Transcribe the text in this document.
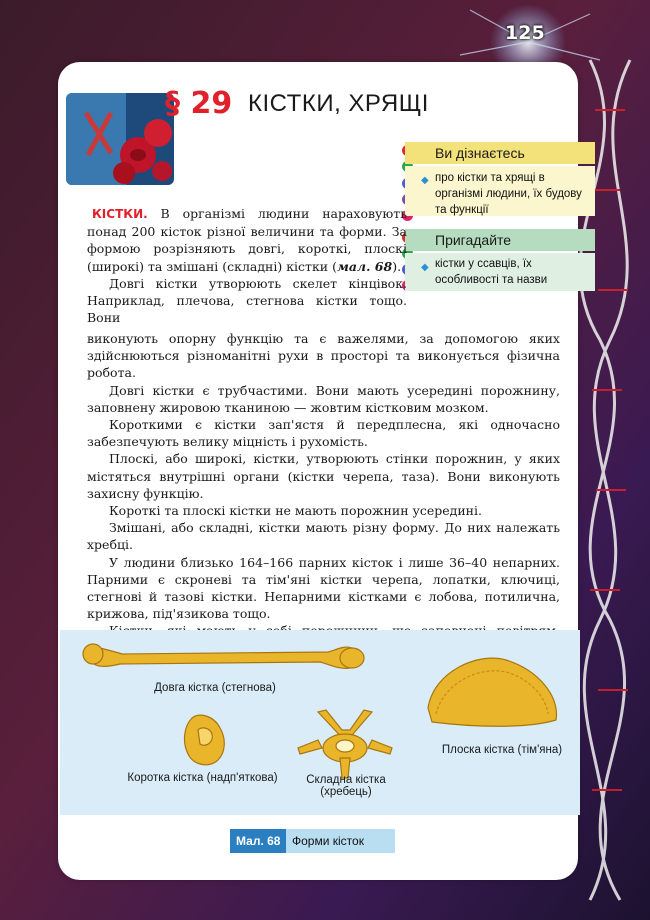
125
§ 29 КІСТКИ, ХРЯЩІ
Ви дізнаєтесь
◆ про кістки та хрящі в організмі людини, їх будову та функції
Пригадайте
◆ кістки у ссавців, їх особливості та назви

КІСТКИ. В організмі людини нараховують понад 200 кісток різної величини та форми. За формою розрізняють довгі, короткі, плоскі (широкі) та змішані (складні) кістки (мал. 68).

Довгі кістки утворюють скелет кінцівок. Наприклад, плечова, стегнова кістки тощо. Вони

виконують опорну функцію та є важелями, за допомогою яких здійснюються різноманітні рухи в просторі та виконується фізична робота.

Довгі кістки є трубчастими. Вони мають усередині порожнину, заповнену жировою тканиною — жовтим кістковим мозком.

Короткими є кістки зап'ястя й передплесна, які одночасно забезпечують велику міцність і рухомість.

Плоскі, або широкі, кістки, утворюють стінки порожнин, у яких містяться внутрішні органи (кістки черепа, таза). Вони виконують захисну функцію.

Короткі та плоскі кістки не мають порожнин усередині.

Змішані, або складні, кістки мають різну форму. До них належать хребці.

У людини близько 164–166 парних кісток і лише 36–40 непарних. Парними є скроневі та тім'яні кістки черепа, лопатки, ключиці, стегнові й тазові кістки. Непарними кістками є лобова, потилична, крижова, під'язикова тощо.

Довга кістка (стегнова)
Коротка кістка (надп'яткова)	Складна кістка (хребець)
Плоска кістка (тім'яна)
Мал. 68 Форми кісток
